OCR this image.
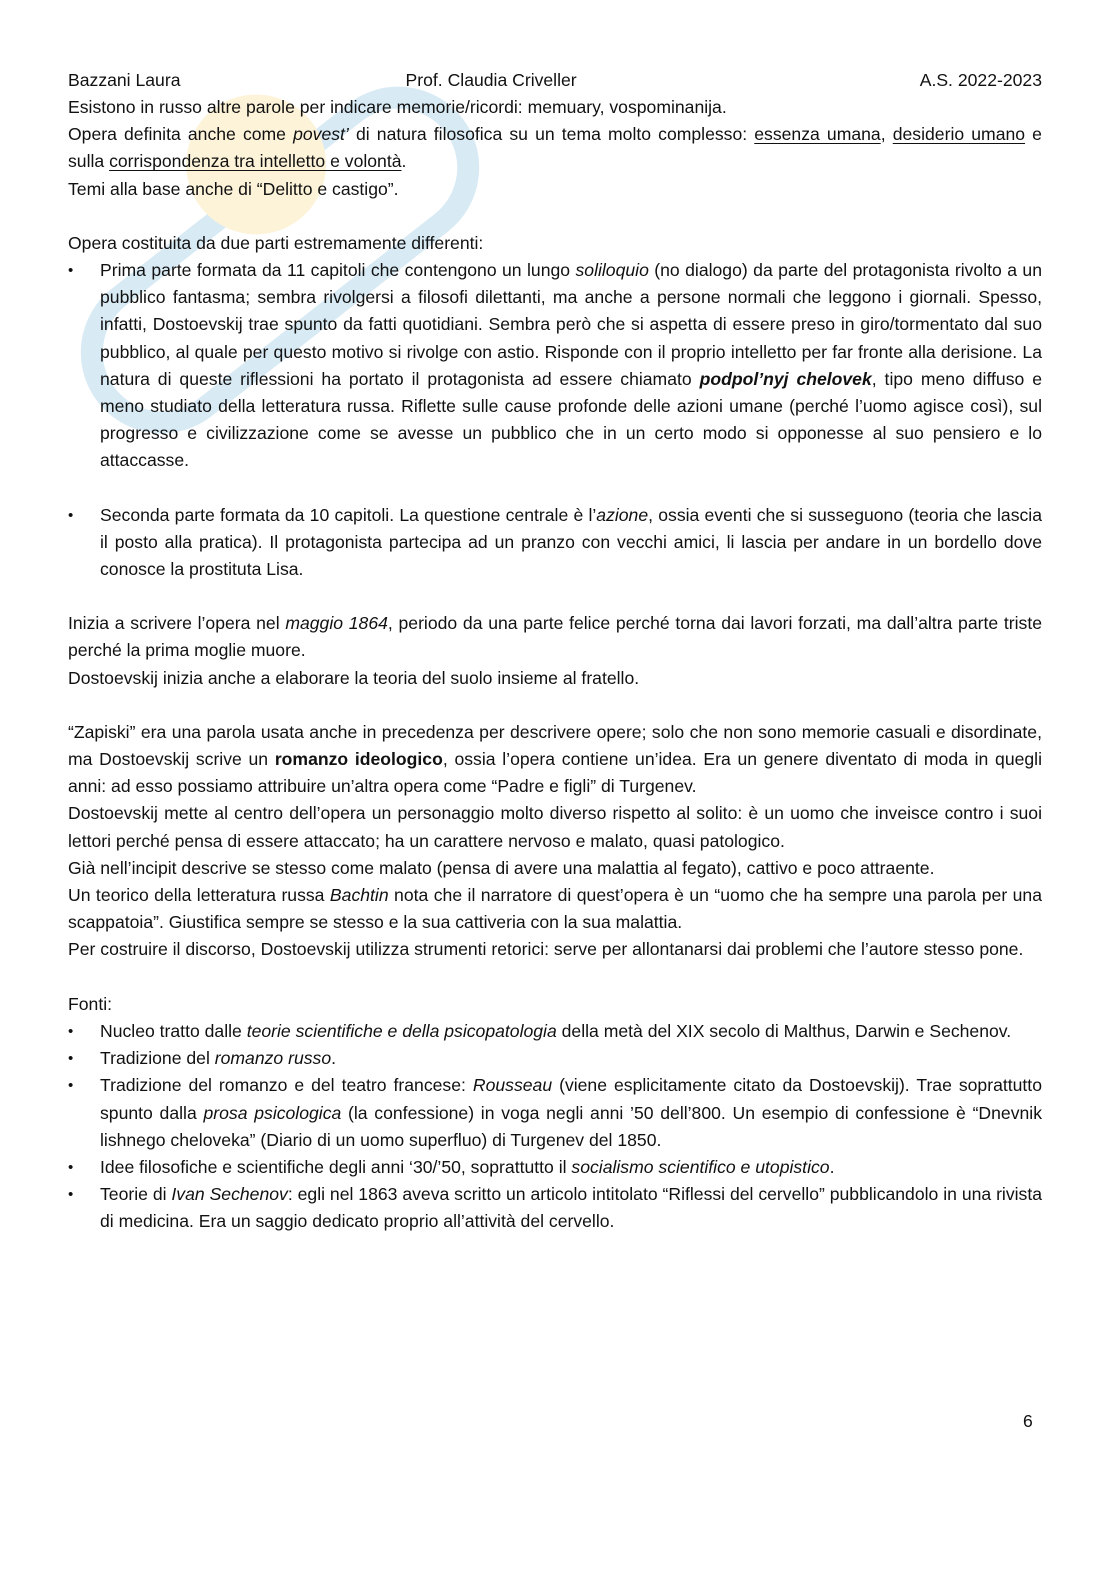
Bazzani Laura	Prof. Claudia Criveller	A.S. 2022-2023

Esistono in russo altre parole per indicare memorie/ricordi: memuary, vospominanija.

Opera definita anche come povest’ di natura filosofica su un tema molto complesso: essenza umana, desiderio umano e sulla corrispondenza tra intelletto e volontà.

Temi alla base anche di “Delitto e castigo”.

Opera costituita da due parti estremamente differenti:

• Prima parte formata da 11 capitoli che contengono un lungo soliloquio (no dialogo) da parte del protagonista rivolto a un pubblico fantasma; sembra rivolgersi a filosofi dilettanti, ma anche a persone normali che leggono i giornali. Spesso, infatti, Dostoevskij trae spunto da fatti quotidiani. Sembra però che si aspetta di essere preso in giro/tormentato dal suo pubblico, al quale per questo motivo si rivolge con astio. Risponde con il proprio intelletto per far fronte alla derisione. La natura di queste riflessioni ha portato il protagonista ad essere chiamato podpol’nyj chelovek, tipo meno diffuso e meno studiato della letteratura russa. Riflette sulle cause profonde delle azioni umane (perché l’uomo agisce così), sul progresso e civilizzazione come se avesse un pubblico che in un certo modo si opponesse al suo pensiero e lo attaccasse.
• Seconda parte formata da 10 capitoli. La questione centrale è l’azione, ossia eventi che si susseguono (teoria che lascia il posto alla pratica). Il protagonista partecipa ad un pranzo con vecchi amici, li lascia per andare in un bordello dove conosce la prostituta Lisa.

Inizia a scrivere l’opera nel maggio 1864, periodo da una parte felice perché torna dai lavori forzati, ma dall’altra parte triste perché la prima moglie muore.

Dostoevskij inizia anche a elaborare la teoria del suolo insieme al fratello.

“Zapiski” era una parola usata anche in precedenza per descrivere opere; solo che non sono memorie casuali e disordinate, ma Dostoevskij scrive un romanzo ideologico, ossia l’opera contiene un’idea. Era un genere diventato di moda in quegli anni: ad esso possiamo attribuire un’altra opera come “Padre e figli” di Turgenev.

Dostoevskij mette al centro dell’opera un personaggio molto diverso rispetto al solito: è un uomo che inveisce contro i suoi lettori perché pensa di essere attaccato; ha un carattere nervoso e malato, quasi patologico.

Già nell’incipit descrive se stesso come malato (pensa di avere una malattia al fegato), cattivo e poco attraente.

Un teorico della letteratura russa Bachtin nota che il narratore di quest’opera è un “uomo che ha sempre una parola per una scappatoia”. Giustifica sempre se stesso e la sua cattiveria con la sua malattia.

Per costruire il discorso, Dostoevskij utilizza strumenti retorici: serve per allontanarsi dai problemi che l’autore stesso pone.

Fonti:

• Nucleo tratto dalle teorie scientifiche e della psicopatologia della metà del XIX secolo di Malthus, Darwin e Sechenov.
• Tradizione del romanzo russo.
• Tradizione del romanzo e del teatro francese: Rousseau (viene esplicitamente citato da Dostoevskij). Trae soprattutto spunto dalla prosa psicologica (la confessione) in voga negli anni ’50 dell’800. Un esempio di confessione è “Dnevnik lishnego cheloveka” (Diario di un uomo superfluo) di Turgenev del 1850.
• Idee filosofiche e scientifiche degli anni ‘30/’50, soprattutto il socialismo scientifico e utopistico.
• Teorie di Ivan Sechenov: egli nel 1863 aveva scritto un articolo intitolato “Riflessi del cervello” pubblicandolo in una rivista di medicina. Era un saggio dedicato proprio all’attività del cervello.
6
